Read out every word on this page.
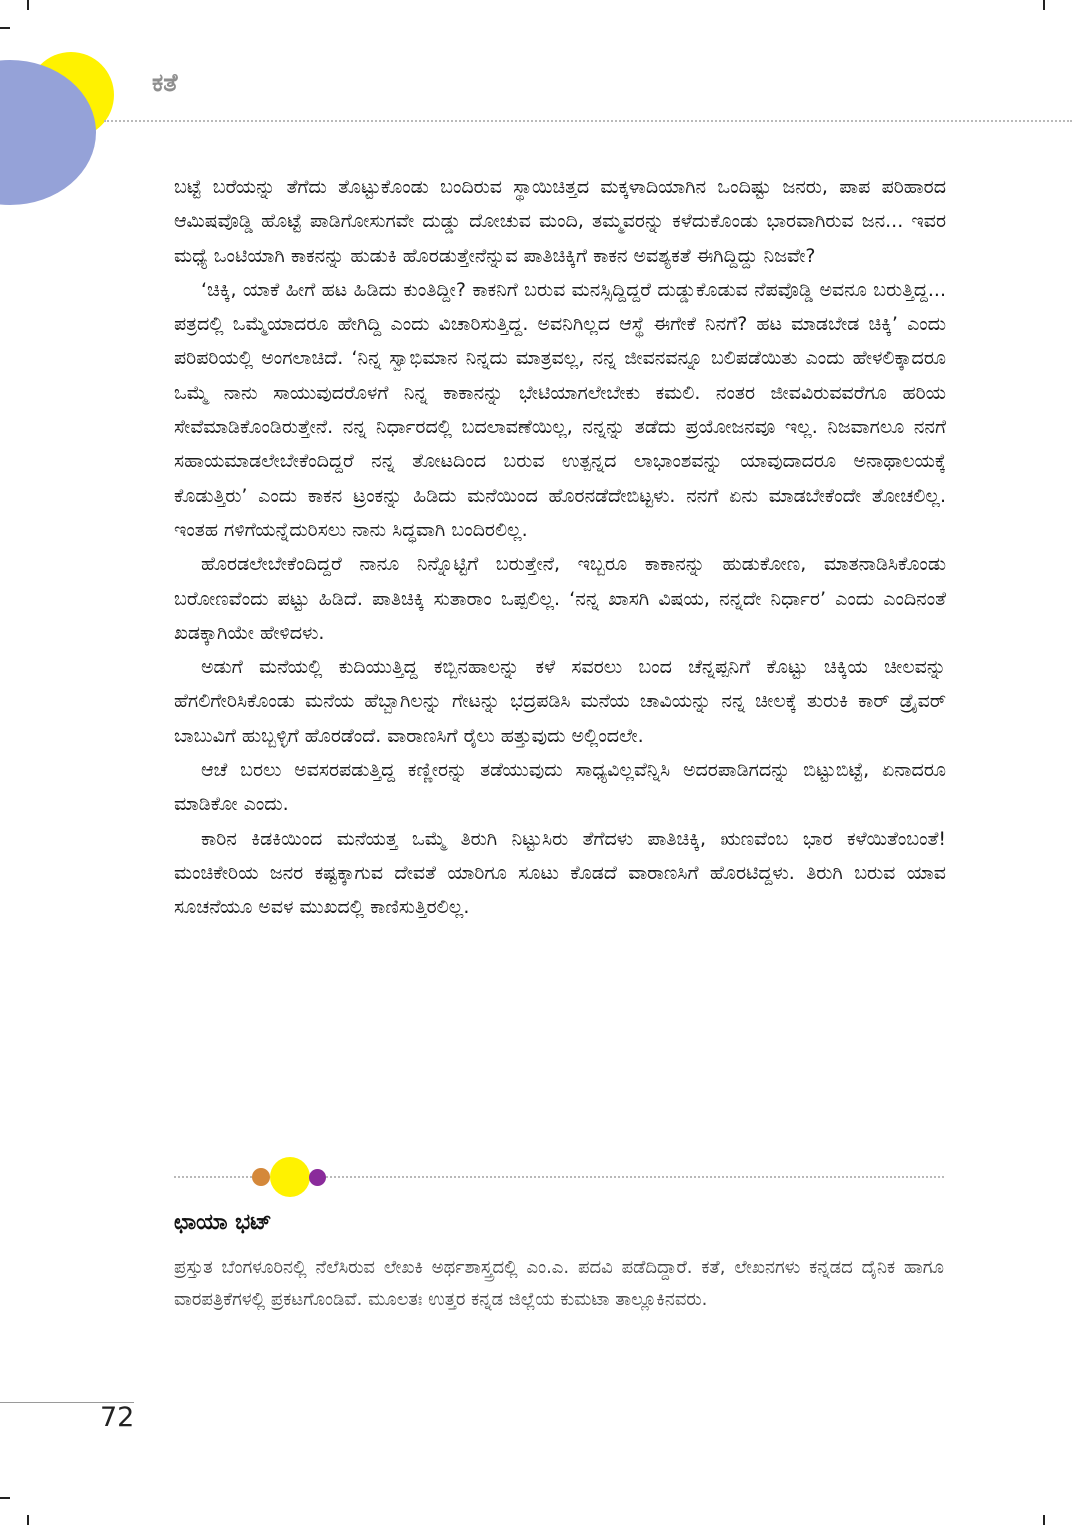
ಕತೆ

ಬಟ್ಟೆ ಬರೆಯನ್ನು ತೆಗೆದು ತೊಟ್ಟುಕೊಂಡು ಬಂದಿರುವ ಸ್ಥಾಯಿಚಿತ್ತದ ಮಕ್ಕಳಾದಿಯಾಗಿನ ಒಂದಿಷ್ಟು ಜನರು, ಪಾಪ ಪರಿಹಾರದ ಆಮಿಷವೊಡ್ಡಿ ಹೊಟ್ಟೆ ಪಾಡಿಗೋಸುಗವೇ ದುಡ್ಡು ದೋಚುವ ಮಂದಿ, ತಮ್ಮವರನ್ನು ಕಳೆದುಕೊಂಡು ಭಾರವಾಗಿರುವ ಜನ... ಇವರ ಮಧ್ಯೆ ಒಂಟಿಯಾಗಿ ಕಾಕನನ್ನು ಹುಡುಕಿ ಹೊರಡುತ್ತೇನೆನ್ನುವ ಪಾತಿಚಿಕ್ಕಿಗೆ ಕಾಕನ ಅವಶ್ಯಕತೆ ಈಗಿದ್ದಿದ್ದು ನಿಜವೇ?

‘ಚಿಕ್ಕಿ, ಯಾಕೆ ಹೀಗೆ ಹಟ ಹಿಡಿದು ಕುಂತಿದ್ದೀ? ಕಾಕನಿಗೆ ಬರುವ ಮನಸ್ಸಿದ್ದಿದ್ದರೆ ದುಡ್ಡುಕೊಡುವ ನೆಪವೊಡ್ಡಿ ಅವನೂ ಬರುತ್ತಿದ್ದ... ಪತ್ರದಲ್ಲಿ ಒಮ್ಮೆಯಾದರೂ ಹೇಗಿದ್ದಿ ಎಂದು ವಿಚಾರಿಸುತ್ತಿದ್ದ. ಅವನಿಗಿಲ್ಲದ ಆಸ್ಥೆ ಈಗೇಕೆ ನಿನಗೆ? ಹಟ ಮಾಡಬೇಡ ಚಿಕ್ಕಿ’ ಎಂದು ಪರಿಪರಿಯಲ್ಲಿ ಅಂಗಲಾಚಿದೆ. ‘ನಿನ್ನ ಸ್ವಾಭಿಮಾನ ನಿನ್ನದು ಮಾತ್ರವಲ್ಲ, ನನ್ನ ಜೀವನವನ್ನೂ ಬಲಿಪಡೆಯಿತು ಎಂದು ಹೇಳಲಿಕ್ಕಾದರೂ ಒಮ್ಮೆ ನಾನು ಸಾಯುವುದರೊಳಗೆ ನಿನ್ನ ಕಾಕಾನನ್ನು ಭೇಟಿಯಾಗಲೇಬೇಕು ಕಮಲಿ. ನಂತರ ಜೀವವಿರುವವರೆಗೂ ಹರಿಯ ಸೇವೆಮಾಡಿಕೊಂಡಿರುತ್ತೇನೆ. ನನ್ನ ನಿರ್ಧಾರದಲ್ಲಿ ಬದಲಾವಣೆಯಿಲ್ಲ, ನನ್ನನ್ನು ತಡೆದು ಪ್ರಯೋಜನವೂ ಇಲ್ಲ. ನಿಜವಾಗಲೂ ನನಗೆ ಸಹಾಯಮಾಡಲೇಬೇಕೆಂದಿದ್ದರೆ ನನ್ನ ತೋಟದಿಂದ ಬರುವ ಉತ್ಪನ್ನದ ಲಾಭಾಂಶವನ್ನು ಯಾವುದಾದರೂ ಅನಾಥಾಲಯಕ್ಕೆ ಕೊಡುತ್ತಿರು’ ಎಂದು ಕಾಕನ ಟ್ರಂಕನ್ನು ಹಿಡಿದು ಮನೆಯಿಂದ ಹೊರನಡೆದೇಬಿಟ್ಟಳು. ನನಗೆ ಏನು ಮಾಡಬೇಕೆಂದೇ ತೋಚಲಿಲ್ಲ. ಇಂತಹ ಗಳಿಗೆಯನ್ನೆದುರಿಸಲು ನಾನು ಸಿದ್ಧವಾಗಿ ಬಂದಿರಲಿಲ್ಲ.

ಹೊರಡಲೇಬೇಕೆಂದಿದ್ದರೆ ನಾನೂ ನಿನ್ನೊಟ್ಟಿಗೆ ಬರುತ್ತೇನೆ, ಇಬ್ಬರೂ ಕಾಕಾನನ್ನು ಹುಡುಕೋಣ, ಮಾತನಾಡಿಸಿಕೊಂಡು ಬರೋಣವೆಂದು ಪಟ್ಟು ಹಿಡಿದೆ. ಪಾತಿಚಿಕ್ಕಿ ಸುತಾರಾಂ ಒಪ್ಪಲಿಲ್ಲ. ‘ನನ್ನ ಖಾಸಗಿ ವಿಷಯ, ನನ್ನದೇ ನಿರ್ಧಾರ’ ಎಂದು ಎಂದಿನಂತೆ ಖಡಕ್ಕಾಗಿಯೇ ಹೇಳಿದಳು.

ಅಡುಗೆ ಮನೆಯಲ್ಲಿ ಕುದಿಯುತ್ತಿದ್ದ ಕಬ್ಬಿನಹಾಲನ್ನು ಕಳೆ ಸವರಲು ಬಂದ ಚೆನ್ನಪ್ಪನಿಗೆ ಕೊಟ್ಟು ಚಿಕ್ಕಿಯ ಚೀಲವನ್ನು ಹೆಗಲಿಗೇರಿಸಿಕೊಂಡು ಮನೆಯ ಹೆಬ್ಬಾಗಿಲನ್ನು ಗೇಟನ್ನು ಭದ್ರಪಡಿಸಿ ಮನೆಯ ಚಾವಿಯನ್ನು ನನ್ನ ಚೀಲಕ್ಕೆ ತುರುಕಿ ಕಾರ್ ಡ್ರೈವರ್ ಬಾಬುವಿಗೆ ಹುಬ್ಬಳ್ಳಿಗೆ ಹೊರಡೆಂದೆ. ವಾರಾಣಸಿಗೆ ರೈಲು ಹತ್ತುವುದು ಅಲ್ಲಿಂದಲೇ.

ಆಚೆ ಬರಲು ಅವಸರಪಡುತ್ತಿದ್ದ ಕಣ್ಣೀರನ್ನು ತಡೆಯುವುದು ಸಾಧ್ಯವಿಲ್ಲವೆನ್ನಿಸಿ ಅದರಪಾಡಿಗದನ್ನು ಬಿಟ್ಟುಬಿಟ್ಟೆ, ಏನಾದರೂ ಮಾಡಿಕೋ ಎಂದು.

ಕಾರಿನ ಕಿಡಕಿಯಿಂದ ಮನೆಯತ್ತ ಒಮ್ಮೆ ತಿರುಗಿ ನಿಟ್ಟುಸಿರು ತೆಗೆದಳು ಪಾತಿಚಿಕ್ಕಿ, ಋಣವೆಂಬ ಭಾರ ಕಳೆಯಿತೆಂಬಂತೆ! ಮಂಚಿಕೇರಿಯ ಜನರ ಕಷ್ಟಕ್ಕಾಗುವ ದೇವತೆ ಯಾರಿಗೂ ಸೂಟು ಕೊಡದೆ ವಾರಾಣಸಿಗೆ ಹೊರಟಿದ್ದಳು. ತಿರುಗಿ ಬರುವ ಯಾವ ಸೂಚನೆಯೂ ಅವಳ ಮುಖದಲ್ಲಿ ಕಾಣಿಸುತ್ತಿರಲಿಲ್ಲ.

ಛಾಯಾ ಭಟ್

ಪ್ರಸ್ತುತ ಬೆಂಗಳೂರಿನಲ್ಲಿ ನೆಲೆಸಿರುವ ಲೇಖಕಿ ಅರ್ಥಶಾಸ್ತ್ರದಲ್ಲಿ ಎಂ.ಎ. ಪದವಿ ಪಡೆದಿದ್ದಾರೆ. ಕತೆ, ಲೇಖನಗಳು ಕನ್ನಡದ ದೈನಿಕ ಹಾಗೂ ವಾರಪತ್ರಿಕೆಗಳಲ್ಲಿ ಪ್ರಕಟಗೊಂಡಿವೆ. ಮೂಲತಃ ಉತ್ತರ ಕನ್ನಡ ಜಿಲ್ಲೆಯ ಕುಮಟಾ ತಾಲ್ಲೂಕಿನವರು.

72
